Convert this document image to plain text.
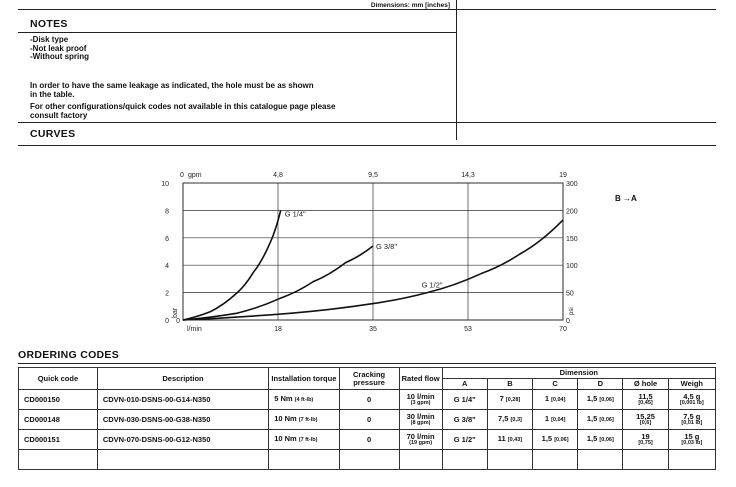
Dimensions: mm [inches]
NOTES
-Disk type
-Not leak proof
-Without spring
In order to have the same leakage as indicated, the hole must be as shown
in the table.
For other configurations/quick codes not available in this catalogue page please
consult factory
CURVES
0	0
2	50
4	100
6	150
8	200
10	300
18
4,8
35
9,5
53
14,3
70
19
0 gpm
0
l/min
bar	psi
G 1/4"
G 3/8"
G 1/2"
B →A
ORDERING CODES
Quick code	Description	Installation torque	Cracking pressure	Rated flow	Dimension					
					A	B	C	D	Ø hole	Weigh
CD000150	CDVN-010-DSNS-00-G14-N350	5 Nm (4 ft-lb)	0	10 l/min
(3 gpm)	G 1/4"	7 [0,28]	1 [0,04]	1,5 [0,06]	11,5
[0,45]	4,5 g
[0,001 lb]

CD000148	CDVN-030-DSNS-00-G38-N350	10 Nm (7 ft-lb)	0	30 l/min
(8 gpm)	G 3/8"	7,5 [0,3]	1 [0,04]	1,5 [0,06]	15,25
[0,6]	7,5 g
[0,01 lb]

CD000151	CDVN-070-DSNS-00-G12-N350	10 Nm (7 ft-lb)	0	70 l/min
(19 gpm)	G 1/2"	11 [0,43]	1,5 [0,06]	1,5 [0,06]	19
[0,75]	15 g
[0,03 lb]
